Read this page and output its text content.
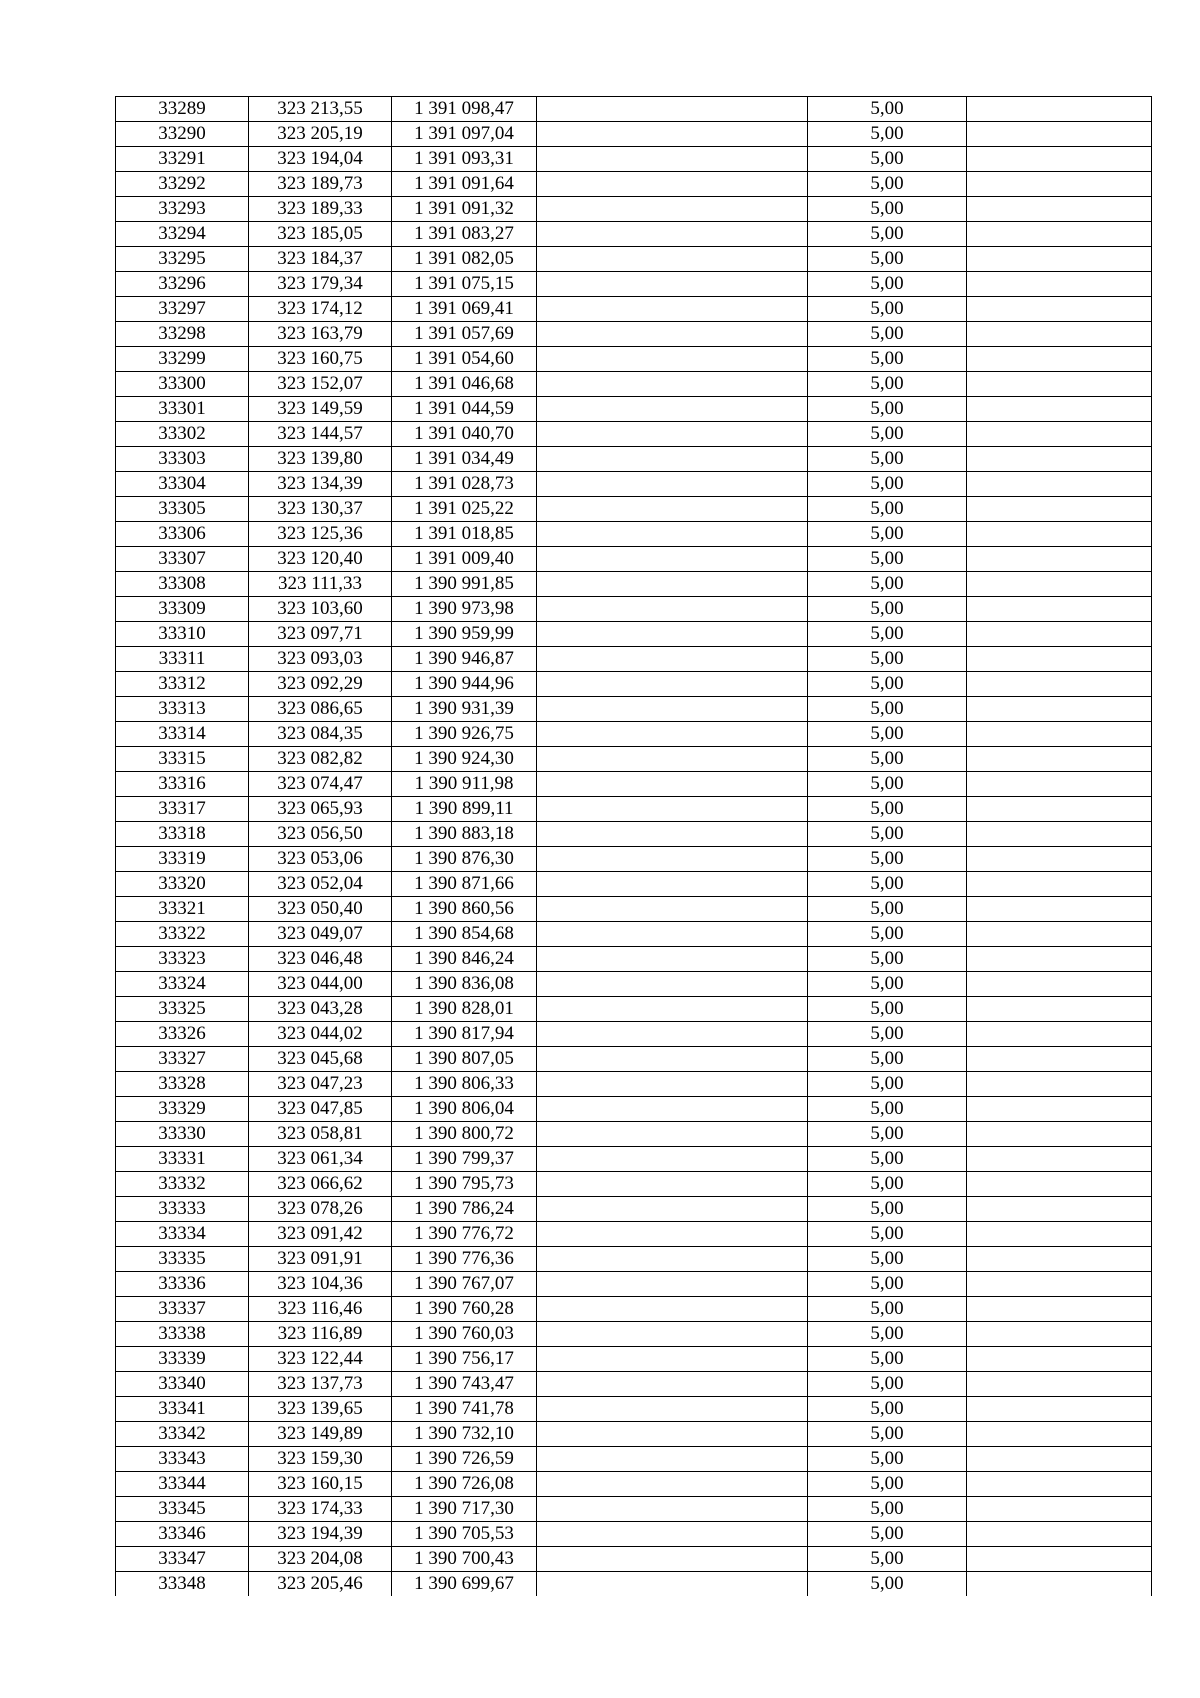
33289	323 213,55	1 391 098,47		5,00	
33290	323 205,19	1 391 097,04		5,00	
33291	323 194,04	1 391 093,31		5,00	
33292	323 189,73	1 391 091,64		5,00	
33293	323 189,33	1 391 091,32		5,00	
33294	323 185,05	1 391 083,27		5,00	
33295	323 184,37	1 391 082,05		5,00	
33296	323 179,34	1 391 075,15		5,00	
33297	323 174,12	1 391 069,41		5,00	
33298	323 163,79	1 391 057,69		5,00	
33299	323 160,75	1 391 054,60		5,00	
33300	323 152,07	1 391 046,68		5,00	
33301	323 149,59	1 391 044,59		5,00	
33302	323 144,57	1 391 040,70		5,00	
33303	323 139,80	1 391 034,49		5,00	
33304	323 134,39	1 391 028,73		5,00	
33305	323 130,37	1 391 025,22		5,00	
33306	323 125,36	1 391 018,85		5,00	
33307	323 120,40	1 391 009,40		5,00	
33308	323 111,33	1 390 991,85		5,00	
33309	323 103,60	1 390 973,98		5,00	
33310	323 097,71	1 390 959,99		5,00	
33311	323 093,03	1 390 946,87		5,00	
33312	323 092,29	1 390 944,96		5,00	
33313	323 086,65	1 390 931,39		5,00	
33314	323 084,35	1 390 926,75		5,00	
33315	323 082,82	1 390 924,30		5,00	
33316	323 074,47	1 390 911,98		5,00	
33317	323 065,93	1 390 899,11		5,00	
33318	323 056,50	1 390 883,18		5,00	
33319	323 053,06	1 390 876,30		5,00	
33320	323 052,04	1 390 871,66		5,00	
33321	323 050,40	1 390 860,56		5,00	
33322	323 049,07	1 390 854,68		5,00	
33323	323 046,48	1 390 846,24		5,00	
33324	323 044,00	1 390 836,08		5,00	
33325	323 043,28	1 390 828,01		5,00	
33326	323 044,02	1 390 817,94		5,00	
33327	323 045,68	1 390 807,05		5,00	
33328	323 047,23	1 390 806,33		5,00	
33329	323 047,85	1 390 806,04		5,00	
33330	323 058,81	1 390 800,72		5,00	
33331	323 061,34	1 390 799,37		5,00	
33332	323 066,62	1 390 795,73		5,00	
33333	323 078,26	1 390 786,24		5,00	
33334	323 091,42	1 390 776,72		5,00	
33335	323 091,91	1 390 776,36		5,00	
33336	323 104,36	1 390 767,07		5,00	
33337	323 116,46	1 390 760,28		5,00	
33338	323 116,89	1 390 760,03		5,00	
33339	323 122,44	1 390 756,17		5,00	
33340	323 137,73	1 390 743,47		5,00	
33341	323 139,65	1 390 741,78		5,00	
33342	323 149,89	1 390 732,10		5,00	
33343	323 159,30	1 390 726,59		5,00	
33344	323 160,15	1 390 726,08		5,00	
33345	323 174,33	1 390 717,30		5,00	
33346	323 194,39	1 390 705,53		5,00	
33347	323 204,08	1 390 700,43		5,00	
33348	323 205,46	1 390 699,67		5,00	
